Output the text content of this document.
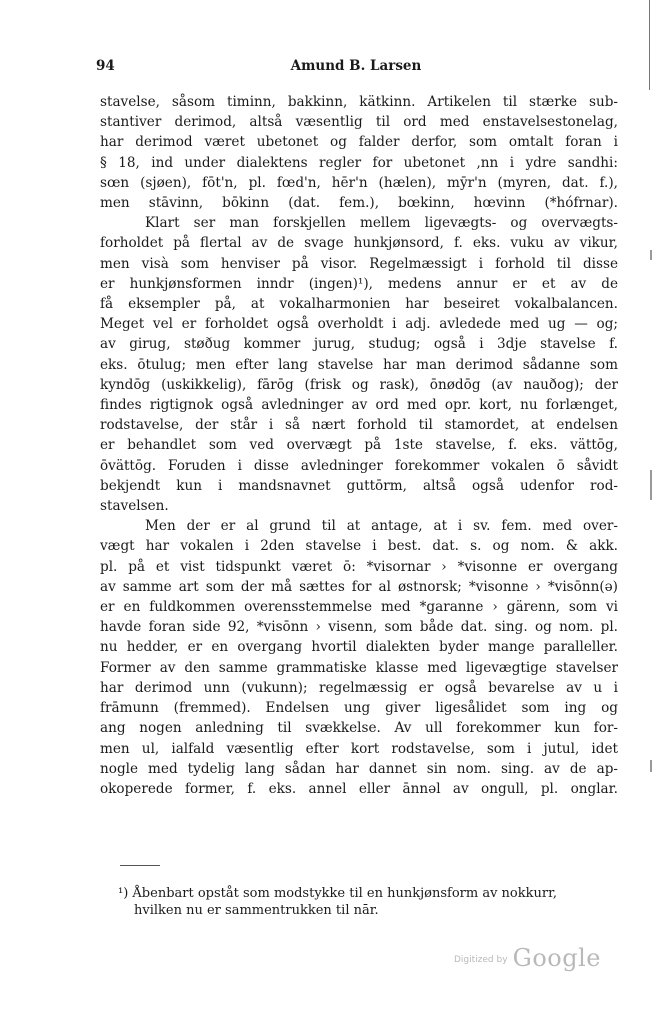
94	Amund B. Larsen
stavelse, såsom timinn, bakkinn, kätkinn. Artikelen til stærke sub-
stantiver derimod, altså væsentlig til ord med enstavelsestonelag,
har derimod været ubetonet og falder derfor, som omtalt foran i
§ 18, ind under dialektens regler for ubetonet ,nn i ydre sandhi:
sœn (sjøen), fōt'n, pl. fœd'n, hēr'n (hælen), mȳr'n (myren, dat. f.),
men stāvinn, bōkinn (dat. fem.), bœkinn, hœvinn (*hófrnar).
Klart ser man forskjellen mellem ligevægts- og overvægts-
forholdet på flertal av de svage hunkjønsord, f. eks. vuku av vikur,
men visà som henviser på visor. Regelmæssigt i forhold til disse
er hunkjønsformen inndr (ingen)¹), medens annur er et av de
få eksempler på, at vokalharmonien har beseiret vokalbalancen.
Meget vel er forholdet også overholdt i adj. avledede med ug — og;
av girug, støðug kommer jurug, studug; også i 3dje stavelse f.
eks. ōtulug; men efter lang stavelse har man derimod sådanne som
kyndōg (uskikkelig), fārōg (frisk og rask), ōnødōg (av nauðog); der
findes rigtignok også avledninger av ord med opr. kort, nu forlænget,
rodstavelse, der står i så nært forhold til stamordet, at endelsen
er behandlet som ved overvægt på 1ste stavelse, f. eks. vättōg,
ōvättōg. Foruden i disse avledninger forekommer vokalen ō såvidt
bekjendt kun i mandsnavnet guttōrm, altså også udenfor rod-
stavelsen.
Men der er al grund til at antage, at i sv. fem. med over-
vægt har vokalen i 2den stavelse i best. dat. s. og nom. & akk.
pl. på et vist tidspunkt været ō: *visornar › *visonne er overgang
av samme art som der må sættes for al østnorsk; *visonne › *visōnn(ə)
er en fuldkommen overensstemmelse med *garanne › gärenn, som vi
havde foran side 92, *visōnn › visenn, som både dat. sing. og nom. pl.
nu hedder, er en overgang hvortil dialekten byder mange paralleller.
Former av den samme grammatiske klasse med ligevægtige stavelser
har derimod unn (vukunn); regelmæssig er også bevarelse av u i
frāmunn (fremmed). Endelsen ung giver ligesålidet som ing og
ang nogen anledning til svækkelse. Av ull forekommer kun for-
men ul, ialfald væsentlig efter kort rodstavelse, som i jutul, idet
nogle med tydelig lang sådan har dannet sin nom. sing. av de ap-
okoperede former, f. eks. annel eller ānnəl av ongull, pl. onglar.
¹) Åbenbart opståt som modstykke til en hunkjønsform av nokkurr,
hvilken nu er sammentrukken til nār.
$^{Digitized by}$ Google
